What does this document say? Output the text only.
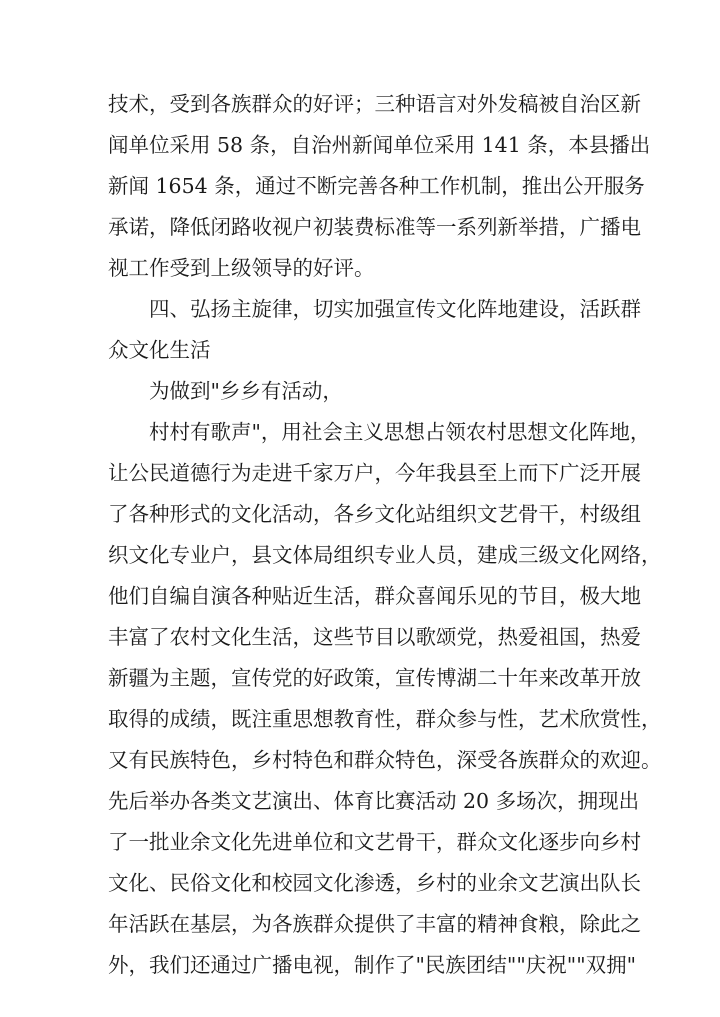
技术，受到各族群众的好评；三种语言对外发稿被自治区新
闻单位采用 58 条，自治州新闻单位采用 141 条，本县播出
新闻 1654 条，通过不断完善各种工作机制，推出公开服务
承诺，降低闭路收视户初装费标准等一系列新举措，广播电
视工作受到上级领导的好评。
四、弘扬主旋律，切实加强宣传文化阵地建设，活跃群
众文化生活
为做到"乡乡有活动，
村村有歌声"，用社会主义思想占领农村思想文化阵地，
让公民道德行为走进千家万户，今年我县至上而下广泛开展
了各种形式的文化活动，各乡文化站组织文艺骨干，村级组
织文化专业户，县文体局组织专业人员，建成三级文化网络，
他们自编自演各种贴近生活，群众喜闻乐见的节目，极大地
丰富了农村文化生活，这些节目以歌颂党，热爱祖国，热爱
新疆为主题，宣传党的好政策，宣传博湖二十年来改革开放
取得的成绩，既注重思想教育性，群众参与性，艺术欣赏性，
又有民族特色，乡村特色和群众特色，深受各族群众的欢迎。
先后举办各类文艺演出、体育比赛活动 20 多场次，拥现出
了一批业余文化先进单位和文艺骨干，群众文化逐步向乡村
文化、民俗文化和校园文化渗透，乡村的业余文艺演出队长
年活跃在基层，为各族群众提供了丰富的精神食粮，除此之
外，我们还通过广播电视，制作了"民族团结""庆祝""双拥"
